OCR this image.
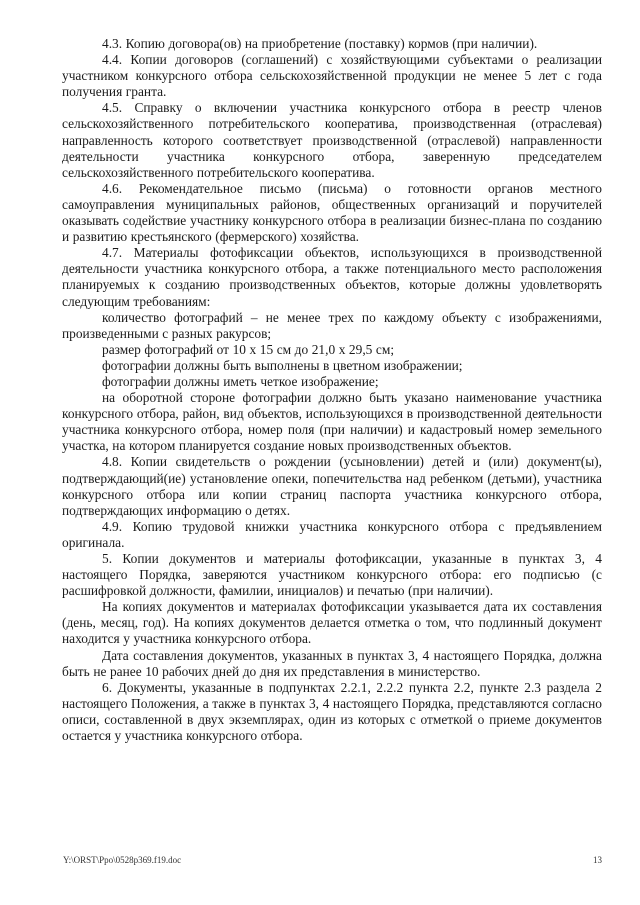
4.3. Копию договора(ов) на приобретение (поставку) кормов (при наличии).

4.4. Копии договоров (соглашений) с хозяйствующими субъектами о реализации участником конкурсного отбора сельскохозяйственной продукции не менее 5 лет с года получения гранта.

4.5. Справку о включении участника конкурсного отбора в реестр членов сельскохозяйственного потребительского кооператива, производственная (отраслевая) направленность которого соответствует производственной (отраслевой) направленности деятельности участника конкурсного отбора, заверенную председателем сельскохозяйственного потребительского кооператива.

4.6. Рекомендательное письмо (письма) о готовности органов местного самоуправления муниципальных районов, общественных организаций и поручителей оказывать содействие участнику конкурсного отбора в реализации бизнес-плана по созданию и развитию крестьянского (фермерского) хозяйства.

4.7. Материалы фотофиксации объектов, использующихся в производственной деятельности участника конкурсного отбора, а также потенциального место расположения планируемых к созданию производственных объектов, которые должны удовлетворять следующим требованиям:

количество фотографий – не менее трех по каждому объекту с изображениями, произведенными с разных ракурсов;

размер фотографий от 10 х 15 см до 21,0 х 29,5 см;

фотографии должны быть выполнены в цветном изображении;

фотографии должны иметь четкое изображение;

на оборотной стороне фотографии должно быть указано наименование участника конкурсного отбора, район, вид объектов, использующихся в производственной деятельности участника конкурсного отбора, номер поля (при наличии) и кадастровый номер земельного участка, на котором планируется создание новых производственных объектов.

4.8. Копии свидетельств о рождении (усыновлении) детей и (или) документ(ы), подтверждающий(ие) установление опеки, попечительства над ребенком (детьми), участника конкурсного отбора или копии страниц паспорта участника конкурсного отбора, подтверждающих информацию о детях.

4.9. Копию трудовой книжки участника конкурсного отбора с предъявлением оригинала.

5. Копии документов и материалы фотофиксации, указанные в пунктах 3, 4 настоящего Порядка, заверяются участником конкурсного отбора: его подписью (с расшифровкой должности, фамилии, инициалов) и печатью (при наличии).

На копиях документов и материалах фотофиксации указывается дата их составления (день, месяц, год). На копиях документов делается отметка о том, что подлинный документ находится у участника конкурсного отбора.

Дата составления документов, указанных в пунктах 3, 4 настоящего Порядка, должна быть не ранее 10 рабочих дней до дня их представления в министерство.

6. Документы, указанные в подпунктах 2.2.1, 2.2.2 пункта 2.2, пункте 2.3 раздела 2 настоящего Положения, а также в пунктах 3, 4 настоящего Порядка, представляются согласно описи, составленной в двух экземплярах, один из которых с отметкой о приеме документов остается у участника конкурсного отбора.

Y:\ORST\Ppo\0528p369.f19.doc	13
